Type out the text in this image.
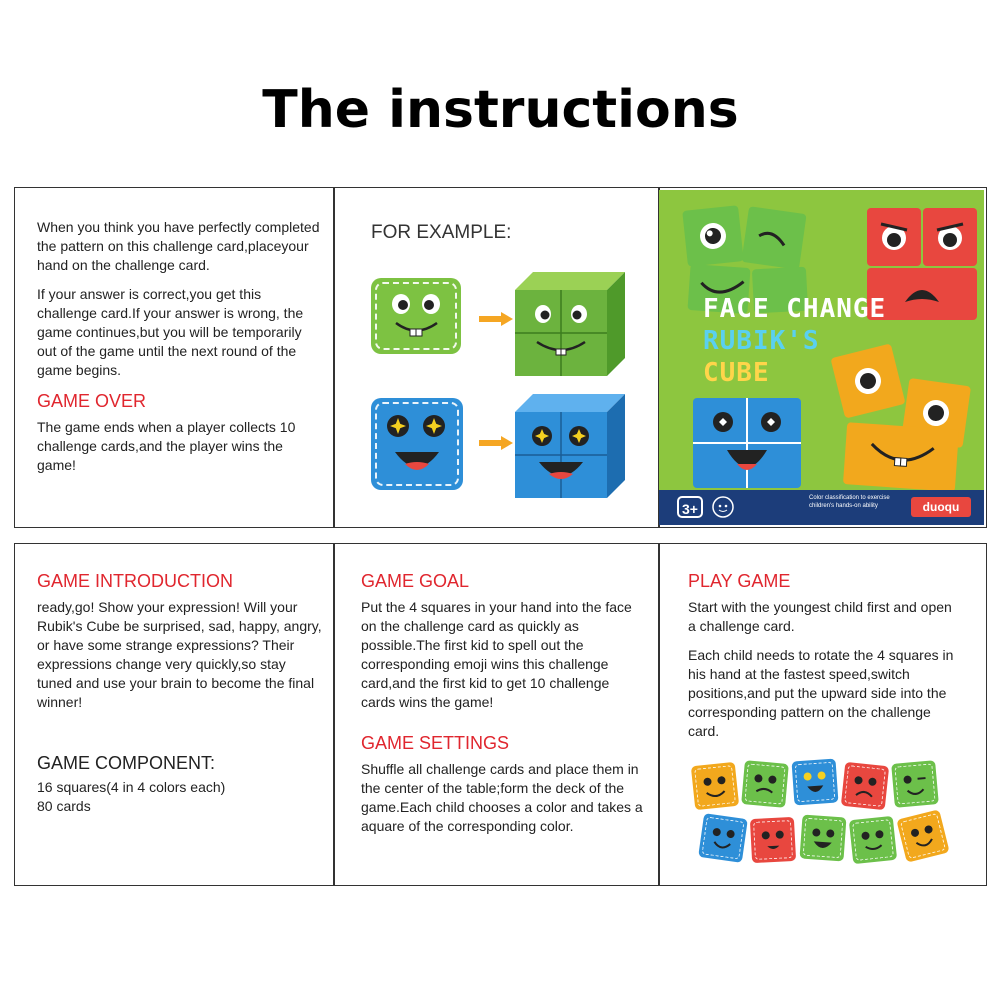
The instructions

When you think you have perfectly completed the pattern on this challenge card,placeyour hand on the challenge card.

If your answer is correct,you get this challenge card.If your answer is wrong, the game continues,but you will be temporarily out of the game until the next round of the game begins.

GAME OVER

The game ends when a player collects 10 challenge cards,and the player wins the game!

FOR EXAMPLE:
FACE CHANGE
RUBIK'S
CUBE
3+
Color classification to exercise children's hands-on ability	duoqu
GAME INTRODUCTION

ready,go! Show your expression! Will your Rubik's Cube be surprised, sad, happy, angry, or have some strange expressions? Their expressions change very quickly,so stay tuned and use your brain to become the final winner!

GAME COMPONENT:
16 squares(4 in 4 colors each)
80 cards
GAME GOAL

Put the 4 squares in your hand into the face on the challenge card as quickly as possible.The first kid to spell out the corresponding emoji wins this challenge card,and the first kid to get 10 challenge cards wins the game!

GAME SETTINGS

Shuffle all challenge cards and place them in the center of the table;form the deck of the game.Each child chooses a color and takes a aquare of the corresponding color.

PLAY GAME

Start with the youngest child first and open a challenge card.

Each child needs to rotate the 4 squares in his hand at the fastest speed,switch positions,and put the upward side into the corresponding pattern on the challenge card.
